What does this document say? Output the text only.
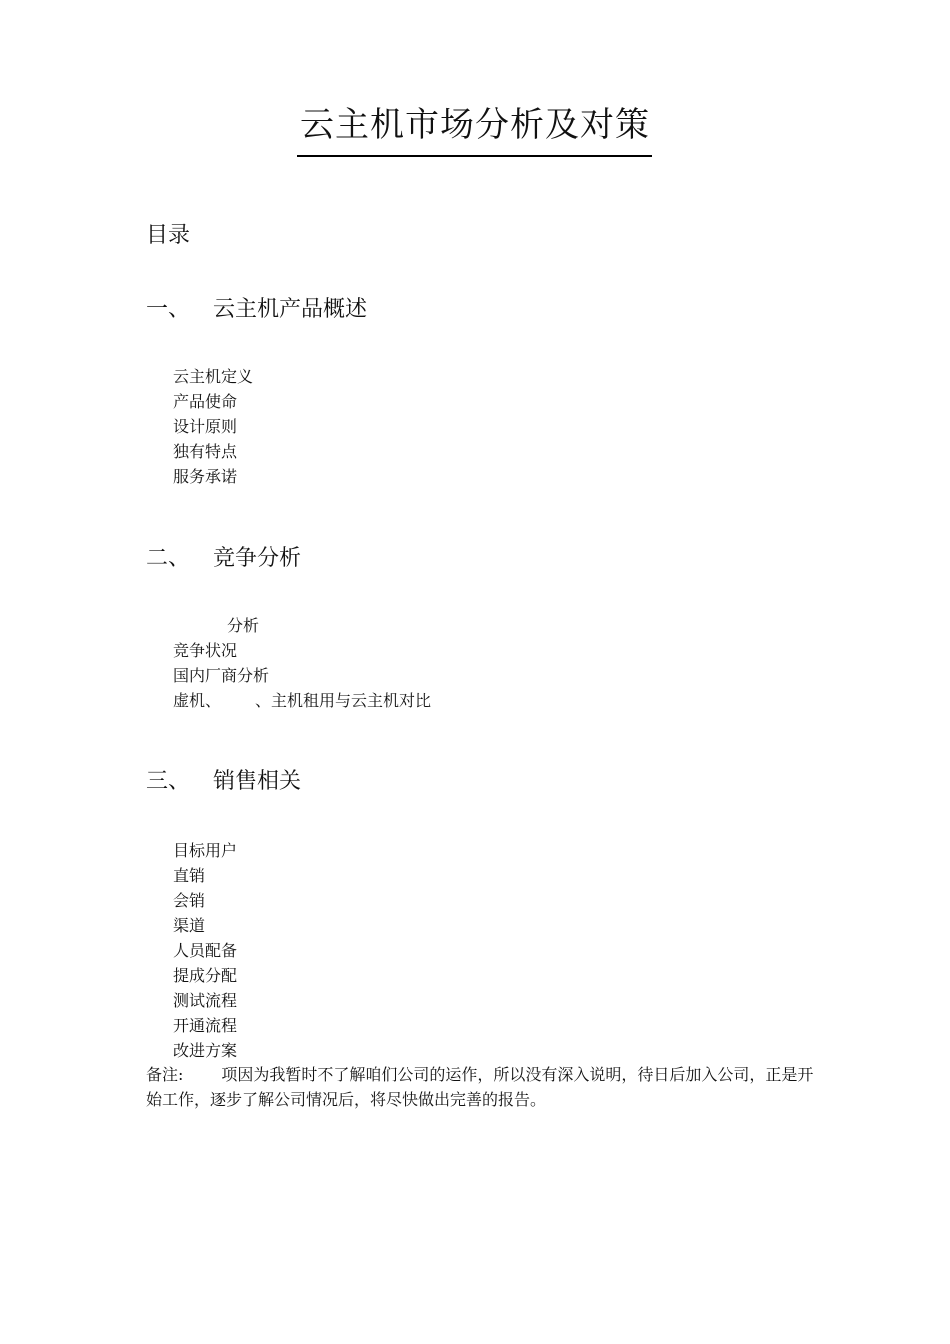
云主机市场分析及对策
目录
一、	云主机产品概述
云主机定义
产品使命
设计原则
独有特点
服务承诺
二、	竞争分析
分析
竞争状况
国内厂商分析
虚机、 、主机租用与云主机对比
三、	销售相关
目标用户
直销
会销
渠道
人员配备
提成分配
测试流程
开通流程
改进方案
备注: 项因为我暂时不了解咱们公司的运作，所以没有深入说明，待日后加入公司，正是开始工作，逐步了解公司情况后，将尽快做出完善的报告。
